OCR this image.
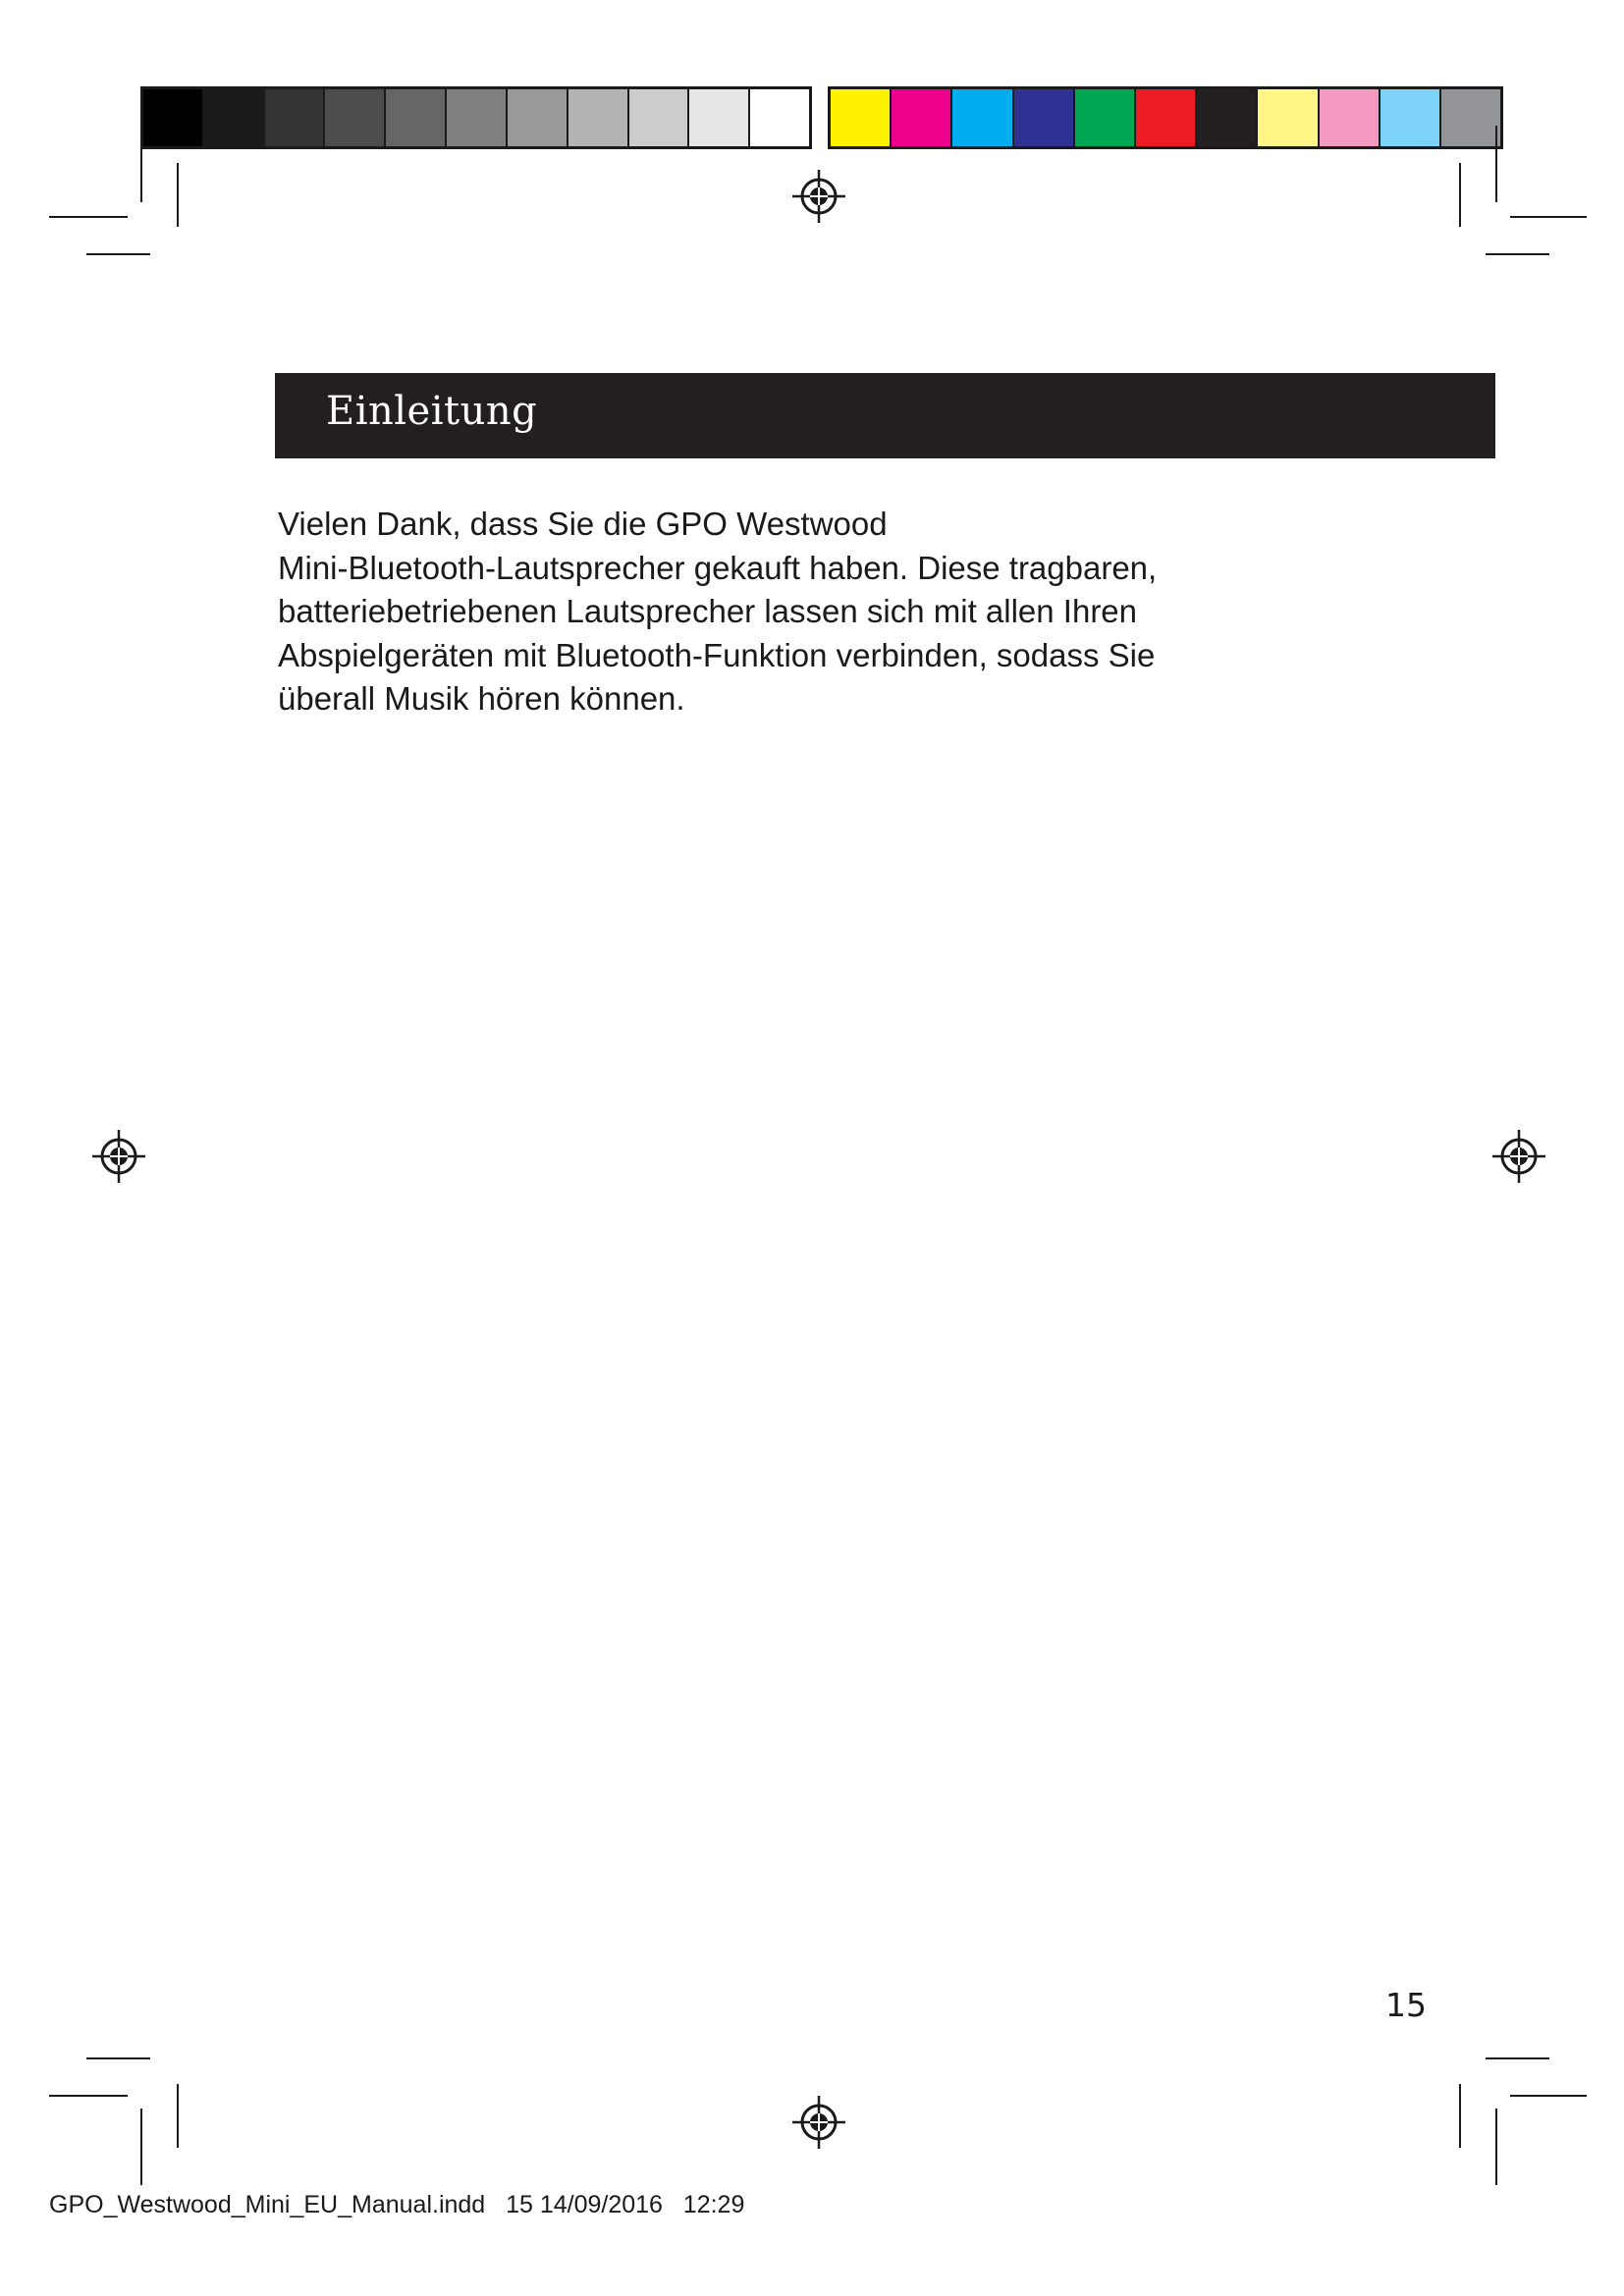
Einleitung
Vielen Dank, dass Sie die GPO Westwood
Mini-Bluetooth-Lautsprecher gekauft haben. Diese tragbaren,
batteriebetriebenen Lautsprecher lassen sich mit allen Ihren
Abspielgeräten mit Bluetooth-Funktion verbinden, sodass Sie
überall Musik hören können.
15
GPO_Westwood_Mini_EU_Manual.indd 15 14/09/2016 12:29
